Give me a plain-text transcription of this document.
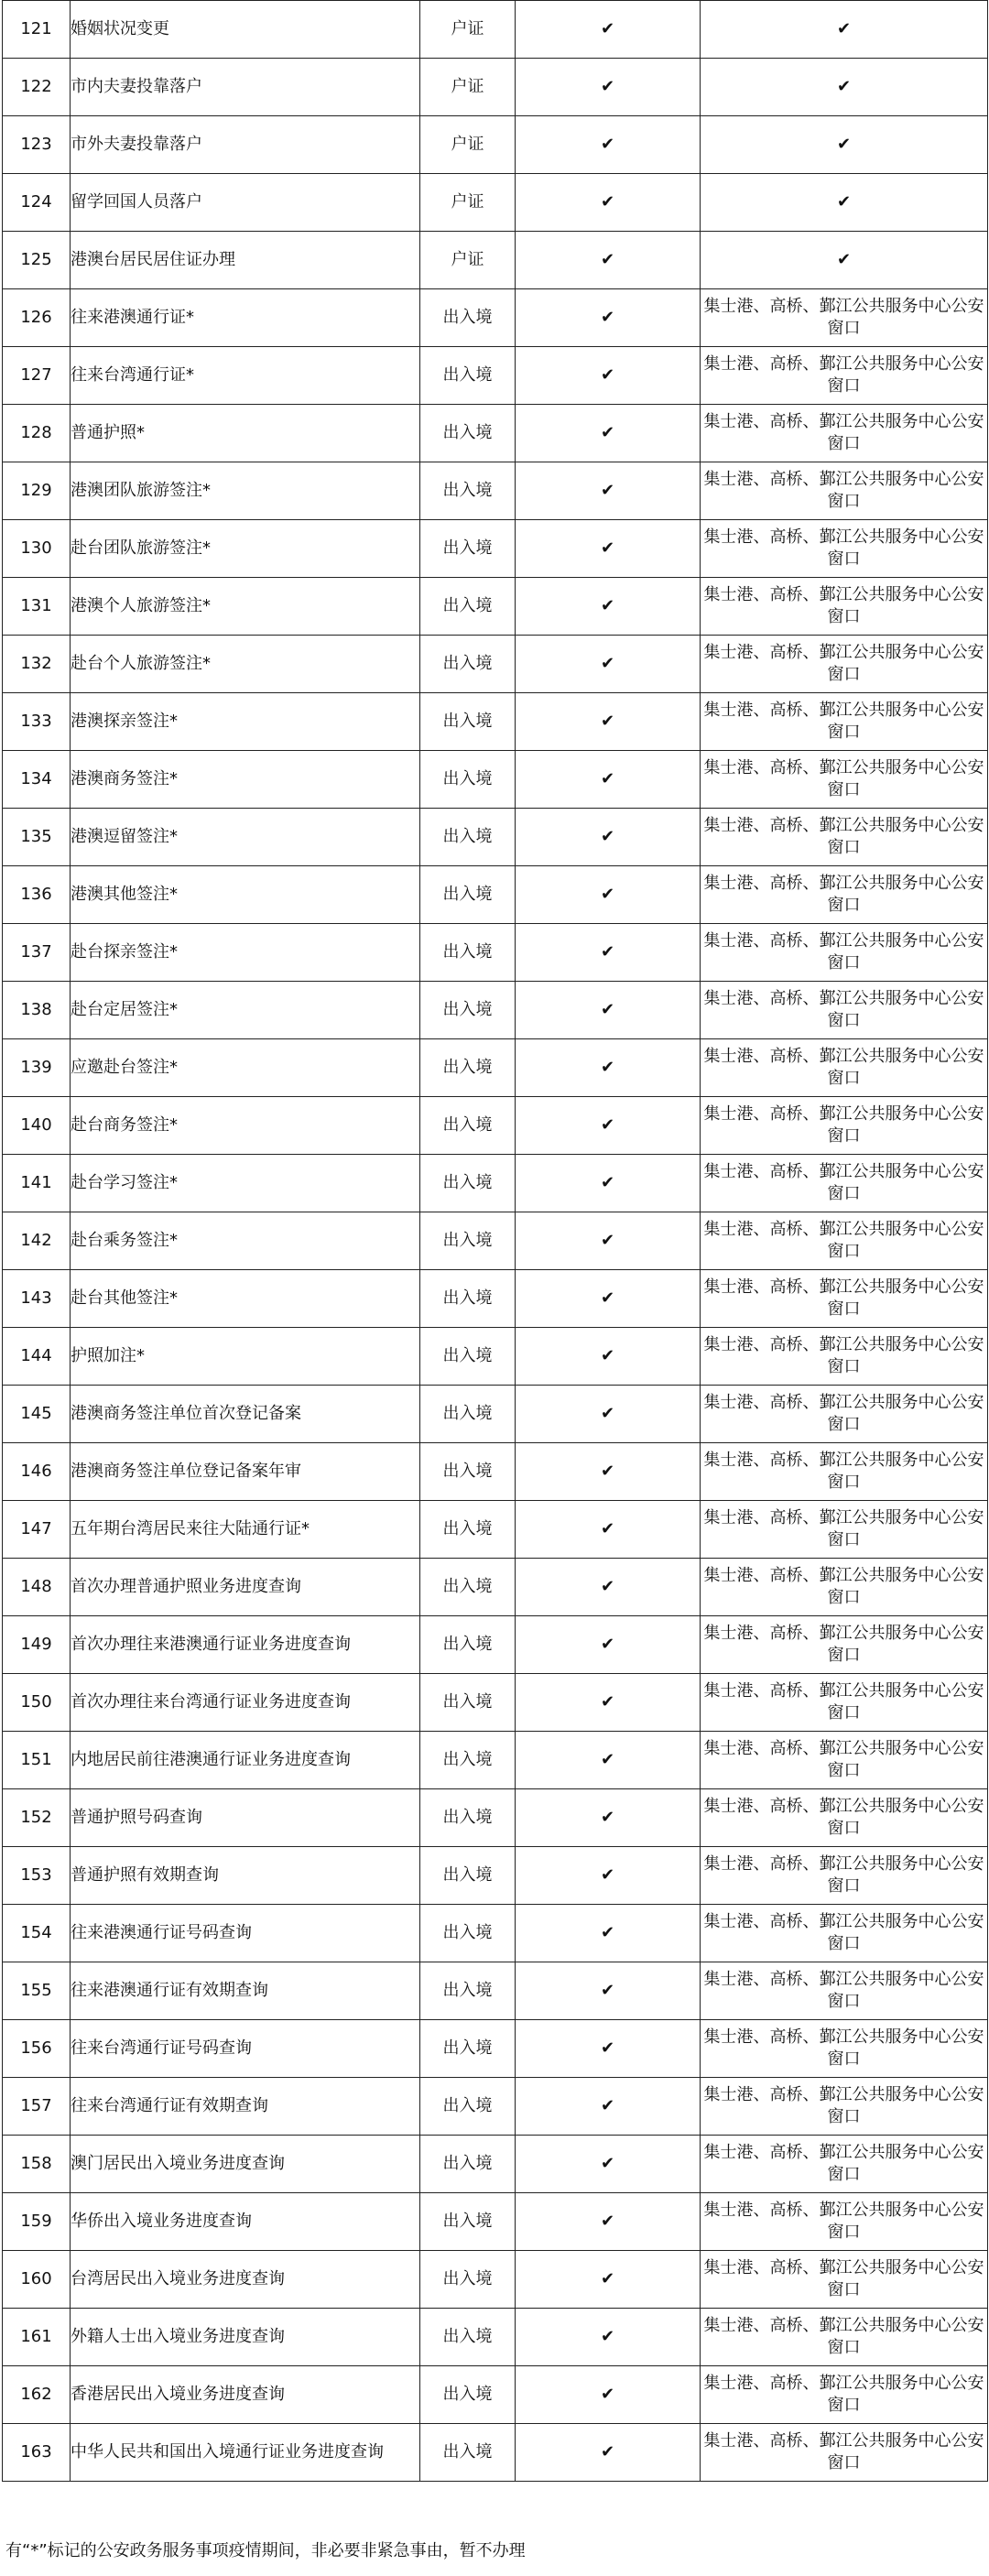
121	婚姻状况变更	户证	✔	✔
122	市内夫妻投靠落户	户证	✔	✔
123	市外夫妻投靠落户	户证	✔	✔
124	留学回国人员落户	户证	✔	✔
125	港澳台居民居住证办理	户证	✔	✔
126	往来港澳通行证*	出入境	✔	集士港、高桥、鄞江公共服务中心公安窗口
127	往来台湾通行证*	出入境	✔	集士港、高桥、鄞江公共服务中心公安窗口
128	普通护照*	出入境	✔	集士港、高桥、鄞江公共服务中心公安窗口
129	港澳团队旅游签注*	出入境	✔	集士港、高桥、鄞江公共服务中心公安窗口
130	赴台团队旅游签注*	出入境	✔	集士港、高桥、鄞江公共服务中心公安窗口
131	港澳个人旅游签注*	出入境	✔	集士港、高桥、鄞江公共服务中心公安窗口
132	赴台个人旅游签注*	出入境	✔	集士港、高桥、鄞江公共服务中心公安窗口
133	港澳探亲签注*	出入境	✔	集士港、高桥、鄞江公共服务中心公安窗口
134	港澳商务签注*	出入境	✔	集士港、高桥、鄞江公共服务中心公安窗口
135	港澳逗留签注*	出入境	✔	集士港、高桥、鄞江公共服务中心公安窗口
136	港澳其他签注*	出入境	✔	集士港、高桥、鄞江公共服务中心公安窗口
137	赴台探亲签注*	出入境	✔	集士港、高桥、鄞江公共服务中心公安窗口
138	赴台定居签注*	出入境	✔	集士港、高桥、鄞江公共服务中心公安窗口
139	应邀赴台签注*	出入境	✔	集士港、高桥、鄞江公共服务中心公安窗口
140	赴台商务签注*	出入境	✔	集士港、高桥、鄞江公共服务中心公安窗口
141	赴台学习签注*	出入境	✔	集士港、高桥、鄞江公共服务中心公安窗口
142	赴台乘务签注*	出入境	✔	集士港、高桥、鄞江公共服务中心公安窗口
143	赴台其他签注*	出入境	✔	集士港、高桥、鄞江公共服务中心公安窗口
144	护照加注*	出入境	✔	集士港、高桥、鄞江公共服务中心公安窗口
145	港澳商务签注单位首次登记备案	出入境	✔	集士港、高桥、鄞江公共服务中心公安窗口
146	港澳商务签注单位登记备案年审	出入境	✔	集士港、高桥、鄞江公共服务中心公安窗口
147	五年期台湾居民来往大陆通行证*	出入境	✔	集士港、高桥、鄞江公共服务中心公安窗口
148	首次办理普通护照业务进度查询	出入境	✔	集士港、高桥、鄞江公共服务中心公安窗口
149	首次办理往来港澳通行证业务进度查询	出入境	✔	集士港、高桥、鄞江公共服务中心公安窗口
150	首次办理往来台湾通行证业务进度查询	出入境	✔	集士港、高桥、鄞江公共服务中心公安窗口
151	内地居民前往港澳通行证业务进度查询	出入境	✔	集士港、高桥、鄞江公共服务中心公安窗口
152	普通护照号码查询	出入境	✔	集士港、高桥、鄞江公共服务中心公安窗口
153	普通护照有效期查询	出入境	✔	集士港、高桥、鄞江公共服务中心公安窗口
154	往来港澳通行证号码查询	出入境	✔	集士港、高桥、鄞江公共服务中心公安窗口
155	往来港澳通行证有效期查询	出入境	✔	集士港、高桥、鄞江公共服务中心公安窗口
156	往来台湾通行证号码查询	出入境	✔	集士港、高桥、鄞江公共服务中心公安窗口
157	往来台湾通行证有效期查询	出入境	✔	集士港、高桥、鄞江公共服务中心公安窗口
158	澳门居民出入境业务进度查询	出入境	✔	集士港、高桥、鄞江公共服务中心公安窗口
159	华侨出入境业务进度查询	出入境	✔	集士港、高桥、鄞江公共服务中心公安窗口
160	台湾居民出入境业务进度查询	出入境	✔	集士港、高桥、鄞江公共服务中心公安窗口
161	外籍人士出入境业务进度查询	出入境	✔	集士港、高桥、鄞江公共服务中心公安窗口
162	香港居民出入境业务进度查询	出入境	✔	集士港、高桥、鄞江公共服务中心公安窗口
163	中华人民共和国出入境通行证业务进度查询	出入境	✔	集士港、高桥、鄞江公共服务中心公安窗口
有“*”标记的公安政务服务事项疫情期间，非必要非紧急事由，暂不办理
